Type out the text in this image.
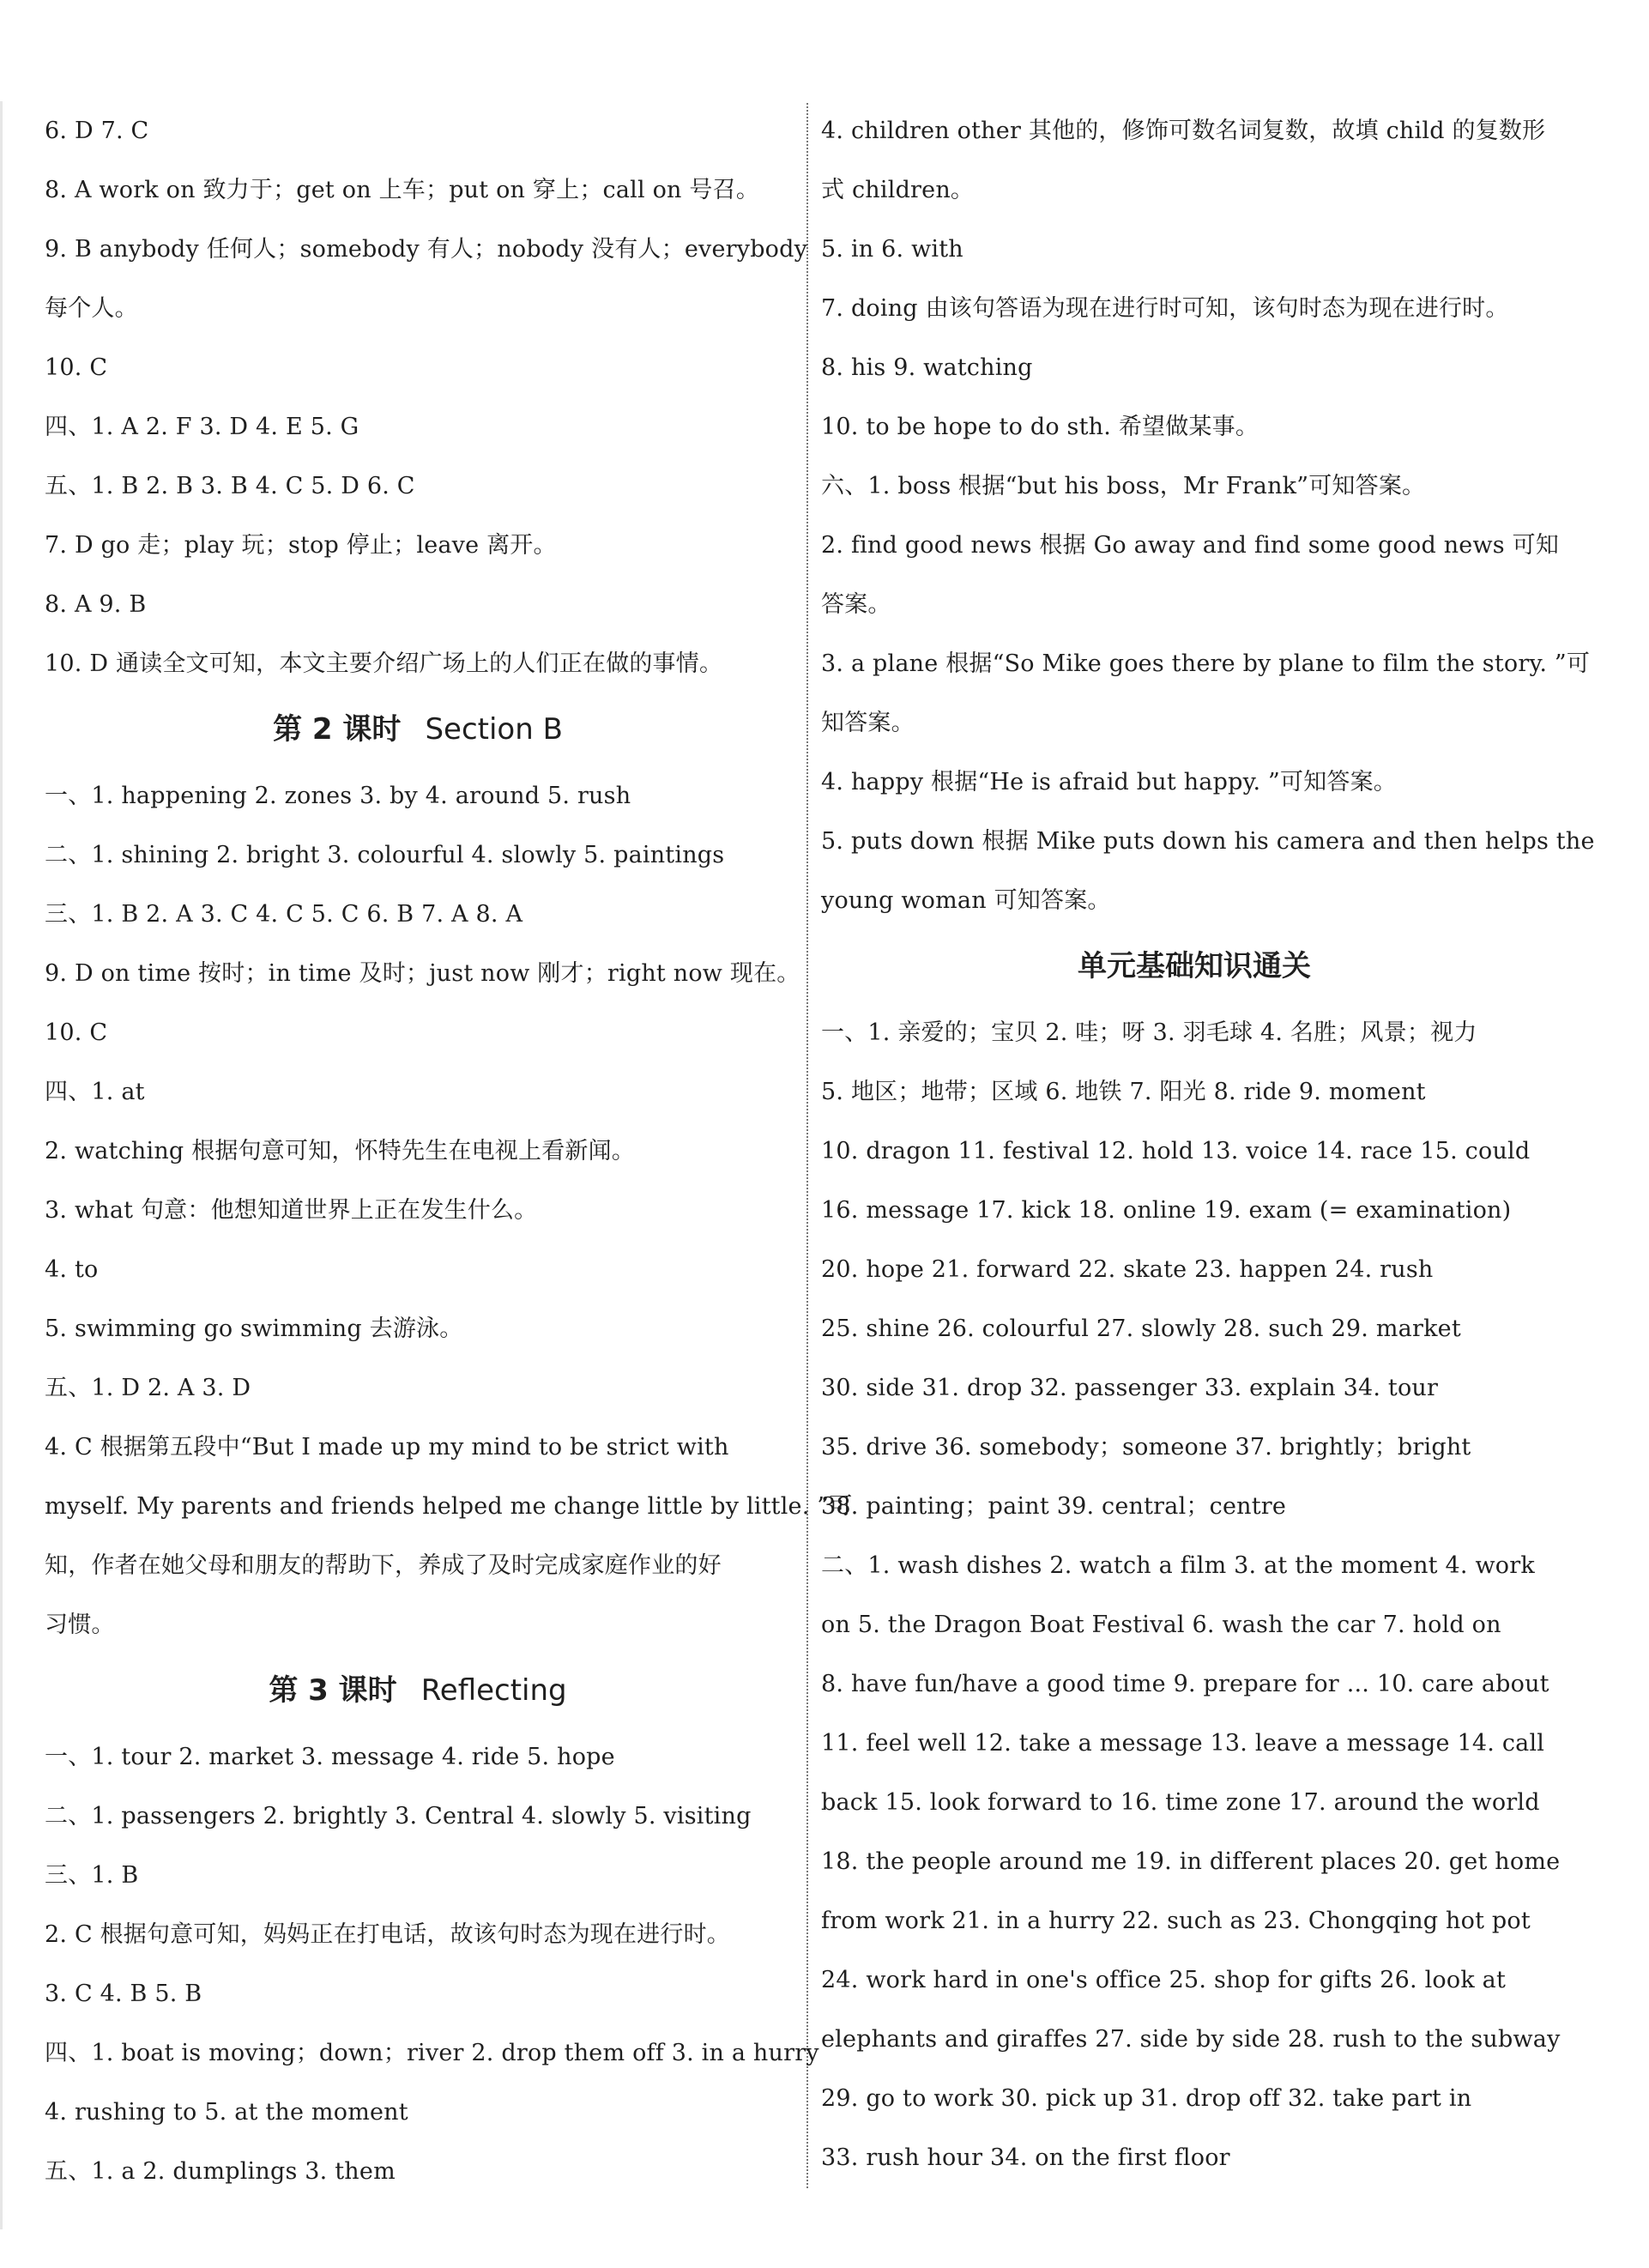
6. D 7. C
8. A work on 致力于；get on 上车；put on 穿上；call on 号召。
9. B anybody 任何人；somebody 有人；nobody 没有人；everybody
每个人。
10. C
四、1. A 2. F 3. D 4. E 5. G
五、1. B 2. B 3. B 4. C 5. D 6. C
7. D go 走；play 玩；stop 停止；leave 离开。
8. A 9. B
10. D 通读全文可知，本文主要介绍广场上的人们正在做的事情。
第 2 课时 Section B
一、1. happening 2. zones 3. by 4. around 5. rush
二、1. shining 2. bright 3. colourful 4. slowly 5. paintings
三、1. B 2. A 3. C 4. C 5. C 6. B 7. A 8. A
9. D on time 按时；in time 及时；just now 刚才；right now 现在。
10. C
四、1. at
2. watching 根据句意可知，怀特先生在电视上看新闻。
3. what 句意：他想知道世界上正在发生什么。
4. to
5. swimming go swimming 去游泳。
五、1. D 2. A 3. D
4. C 根据第五段中“But I made up my mind to be strict with
myself. My parents and friends helped me change little by little. ”可
知，作者在她父母和朋友的帮助下，养成了及时完成家庭作业的好
习惯。
第 3 课时 Reflecting
一、1. tour 2. market 3. message 4. ride 5. hope
二、1. passengers 2. brightly 3. Central 4. slowly 5. visiting
三、1. B
2. C 根据句意可知，妈妈正在打电话，故该句时态为现在进行时。
3. C 4. B 5. B
四、1. boat is moving；down；river 2. drop them off 3. in a hurry
4. rushing to 5. at the moment
五、1. a 2. dumplings 3. them
4. children other 其他的，修饰可数名词复数，故填 child 的复数形
式 children。
5. in 6. with
7. doing 由该句答语为现在进行时可知，该句时态为现在进行时。
8. his 9. watching
10. to be hope to do sth. 希望做某事。
六、1. boss 根据“but his boss，Mr Frank”可知答案。
2. find good news 根据 Go away and find some good news 可知
答案。
3. a plane 根据“So Mike goes there by plane to film the story. ”可
知答案。
4. happy 根据“He is afraid but happy. ”可知答案。
5. puts down 根据 Mike puts down his camera and then helps the
young woman 可知答案。
单元基础知识通关
一、1. 亲爱的；宝贝 2. 哇；呀 3. 羽毛球 4. 名胜；风景；视力
5. 地区；地带；区域 6. 地铁 7. 阳光 8. ride 9. moment
10. dragon 11. festival 12. hold 13. voice 14. race 15. could
16. message 17. kick 18. online 19. exam (= examination)
20. hope 21. forward 22. skate 23. happen 24. rush
25. shine 26. colourful 27. slowly 28. such 29. market
30. side 31. drop 32. passenger 33. explain 34. tour
35. drive 36. somebody；someone 37. brightly；bright
38. painting；paint 39. central；centre
二、1. wash dishes 2. watch a film 3. at the moment 4. work
on 5. the Dragon Boat Festival 6. wash the car 7. hold on
8. have fun/have a good time 9. prepare for ... 10. care about
11. feel well 12. take a message 13. leave a message 14. call
back 15. look forward to 16. time zone 17. around the world
18. the people around me 19. in different places 20. get home
from work 21. in a hurry 22. such as 23. Chongqing hot pot
24. work hard in one's office 25. shop for gifts 26. look at
elephants and giraffes 27. side by side 28. rush to the subway
29. go to work 30. pick up 31. drop off 32. take part in
33. rush hour 34. on the first floor
